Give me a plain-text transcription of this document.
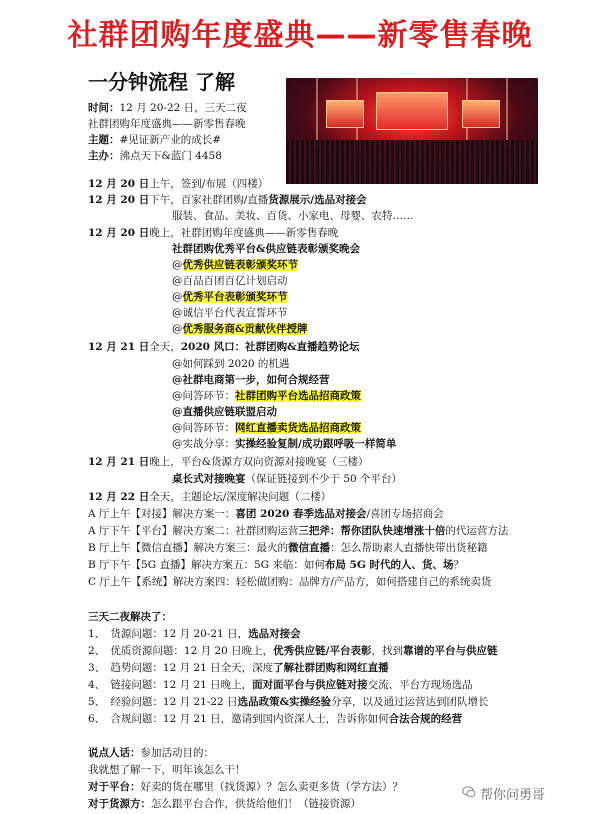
社群团购年度盛典——新零售春晚
一分钟流程 了解
时间：12 月 20-22 日，三天二夜
社群团购年度盛典——新零售春晚
主题：#见证新产业的成长#
主办：沸点天下&蓝门 4458
12 月 20 日上午，签到/布展（四楼）
12 月 20 日下午，百家社群团购/直播货源展示/选品对接会
服装、食品、美妆、百货、小家电、母婴、农特……
12 月 20 日晚上，社群团购年度盛典——新零售春晚
社群团购优秀平台&供应链表彰颁奖晚会
@优秀供应链表彰颁奖环节
@百品百团百亿计划启动
@优秀平台表彰颁奖环节
@诚信平台代表宣誓环节
@优秀服务商&贡献伙伴授牌
12 月 21 日全天，2020 风口：社群团购&直播趋势论坛
@如何踩到 2020 的机遇
@社群电商第一步，如何合规经营
@问答环节：社群团购平台选品招商政策
@直播供应链联盟启动
@问答环节：网红直播卖货选品招商政策
@实战分享：实操经验复制/成功跟呼吸一样简单
12 月 21 日晚上，平台&货源方双向资源对接晚宴（三楼）
桌长式对接晚宴（保证链接到不少于 50 个平台）
12 月 22 日全天，主题论坛/深度解决问题（二楼）
A 厅上午【对接】解决方案一：喜团 2020 春季选品对接会/喜团专场招商会
A 厅下午【平台】解决方案二：社群团购运营三把斧：帮你团队快速增涨十倍的代运营方法
B 厅上午【微信直播】解决方案三：最火的微信直播：怎么帮助素人直播快带出货秘籍
B 厅下午【5G 直播】解决方案五：5G 来临：如何布局 5G 时代的人、货、场？
C 厅上午【系统】解决方案四：轻松做团购：品牌方/产品方，如何搭建自己的系统卖货
三天二夜解决了：
1、　货源问题：12 月 20-21 日，选品对接会
2、　优质资源问题：12 月 20 日晚上，优秀供应链/平台表彰，找到靠谱的平台与供应链
3、　趋势问题：12 月 21 日全天，深度了解社群团购和网红直播
4、　链接问题：12 月 21 日晚上，面对面平台与供应链对接交流、平台方现场选品
5、　经验问题：12 月 21-22 日选品政策&实操经验分享，以及通过运营达到团队增长
6、　合规问题：12 月 21 日，邀请到国内资深人士，告诉你如何合法合规的经营
说点人话：参加活动目的：
我就想了解一下，明年该怎么干！
对于平台：好卖的货在哪里（找货源）？怎么卖更多货（学方法）？
对于货源方：怎么跟平台合作，供货给他们！（链接资源）
帮你问勇哥
